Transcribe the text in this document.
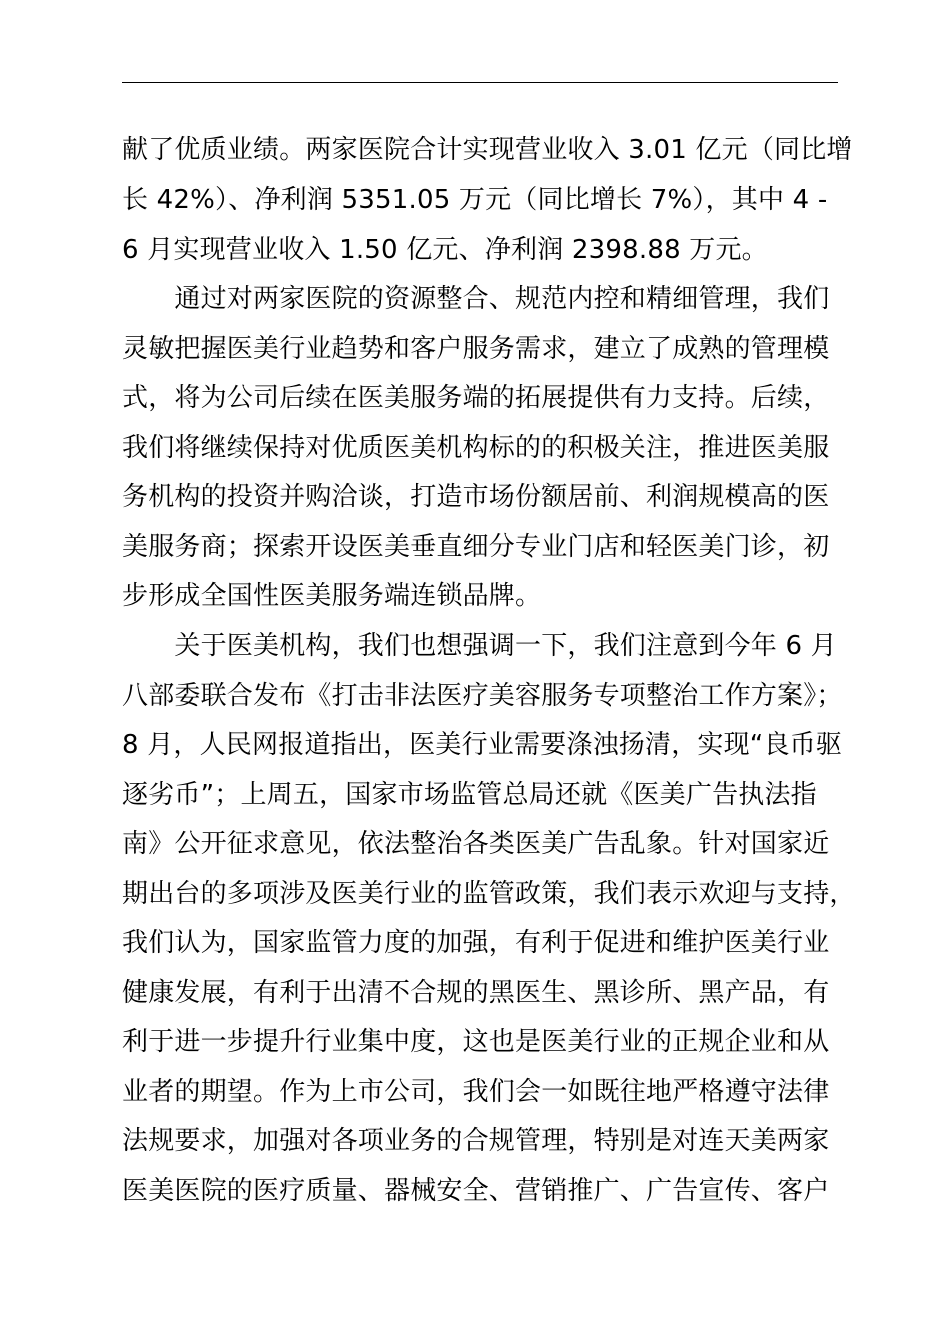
献了优质业绩。两家医院合计实现营业收入 3.01 亿元（同比增
长 42%）、净利润 5351.05 万元（同比增长 7%），其中 4 -
6 月实现营业收入 1.50 亿元、净利润 2398.88 万元。
　　通过对两家医院的资源整合、规范内控和精细管理，我们
灵敏把握医美行业趋势和客户服务需求，建立了成熟的管理模
式，将为公司后续在医美服务端的拓展提供有力支持。后续，
我们将继续保持对优质医美机构标的的积极关注，推进医美服
务机构的投资并购洽谈，打造市场份额居前、利润规模高的医
美服务商；探索开设医美垂直细分专业门店和轻医美门诊，初
步形成全国性医美服务端连锁品牌。
　　关于医美机构，我们也想强调一下，我们注意到今年 6 月
八部委联合发布《打击非法医疗美容服务专项整治工作方案》；
8 月，人民网报道指出，医美行业需要涤浊扬清，实现“良币驱
逐劣币”；上周五，国家市场监管总局还就《医美广告执法指
南》公开征求意见，依法整治各类医美广告乱象。针对国家近
期出台的多项涉及医美行业的监管政策，我们表示欢迎与支持，
我们认为，国家监管力度的加强，有利于促进和维护医美行业
健康发展，有利于出清不合规的黑医生、黑诊所、黑产品，有
利于进一步提升行业集中度，这也是医美行业的正规企业和从
业者的期望。作为上市公司，我们会一如既往地严格遵守法律
法规要求，加强对各项业务的合规管理，特别是对连天美两家
医美医院的医疗质量、器械安全、营销推广、广告宣传、客户
